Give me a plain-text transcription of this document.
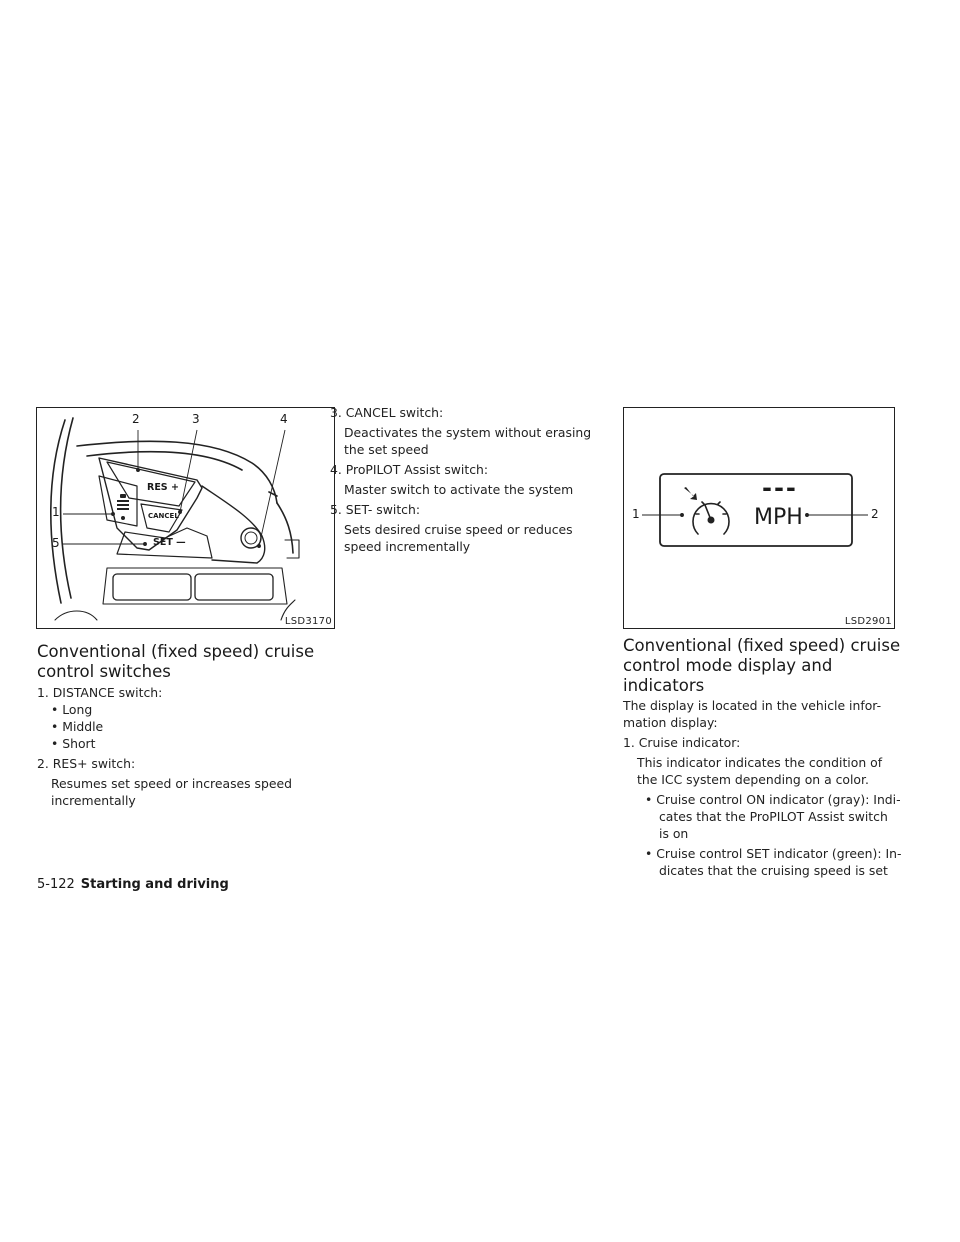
2	3	4
1
5
RES +
CANCEL
SET —
LSD3170
1	2
---
MPH
LSD2901
Conventional (fixed speed) cruise
control switches

1. DISTANCE switch:

• Long

• Middle

• Short

2. RES+ switch:

Resumes set speed or increases speed

incrementally

3. CANCEL switch:

Deactivates the system without erasing

the set speed

4. ProPILOT Assist switch:

Master switch to activate the system

5. SET- switch:

Sets desired cruise speed or reduces

speed incrementally

Conventional (fixed speed) cruise
control mode display and
indicators

The display is located in the vehicle infor-

mation display:

1. Cruise indicator:

This indicator indicates the condition of

the ICC system depending on a color.

• Cruise control ON indicator (gray): Indi-

cates that the ProPILOT Assist switch

is on

• Cruise control SET indicator (green): In-

dicates that the cruising speed is set

5-122 Starting and driving
